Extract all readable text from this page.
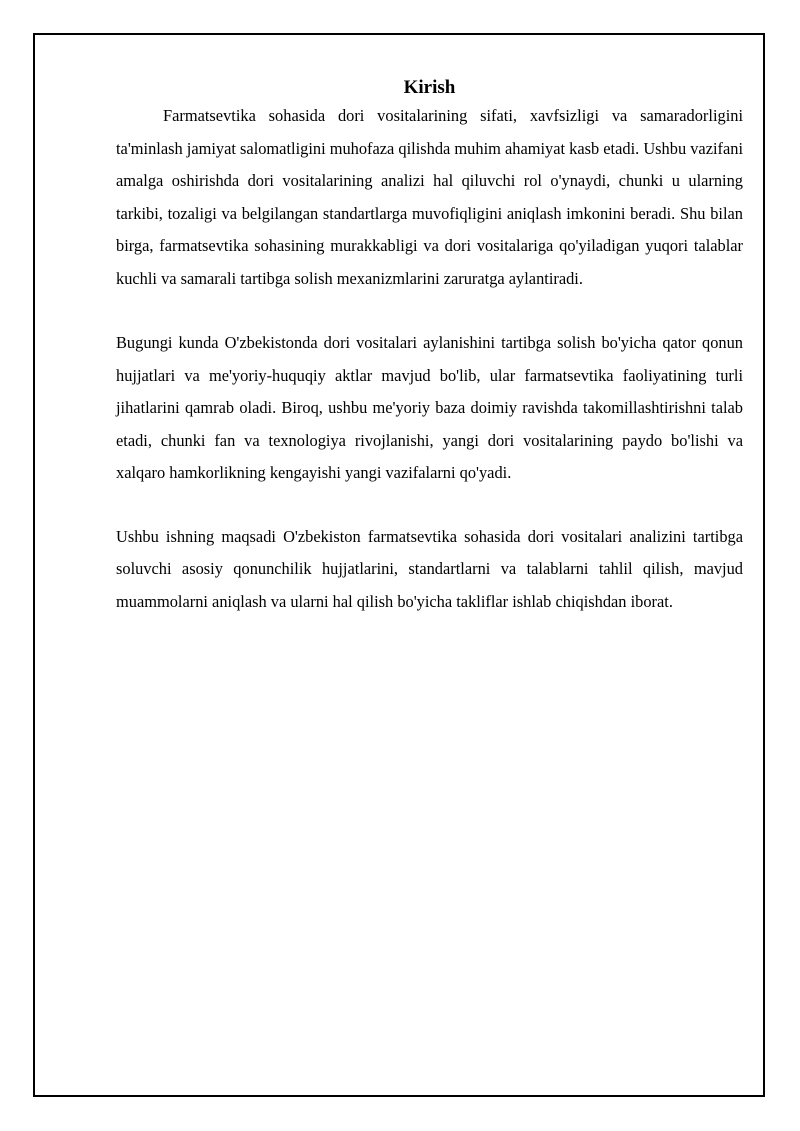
Kirish

Farmatsevtika sohasida dori vositalarining sifati, xavfsizligi va samaradorligini ta'minlash jamiyat salomatligini muhofaza qilishda muhim ahamiyat kasb etadi. Ushbu vazifani amalga oshirishda dori vositalarining analizi hal qiluvchi rol o'ynaydi, chunki u ularning tarkibi, tozaligi va belgilangan standartlarga muvofiqligini aniqlash imkonini beradi. Shu bilan birga, farmatsevtika sohasining murakkabligi va dori vositalariga qo'yiladigan yuqori talablar kuchli va samarali tartibga solish mexanizmlarini zaruratga aylantiradi.

Bugungi kunda O'zbekistonda dori vositalari aylanishini tartibga solish bo'yicha qator qonun hujjatlari va me'yoriy-huquqiy aktlar mavjud bo'lib, ular farmatsevtika faoliyatining turli jihatlarini qamrab oladi. Biroq, ushbu me'yoriy baza doimiy ravishda takomillashtirishni talab etadi, chunki fan va texnologiya rivojlanishi, yangi dori vositalarining paydo bo'lishi va xalqaro hamkorlikning kengayishi yangi vazifalarni qo'yadi.

Ushbu ishning maqsadi O'zbekiston farmatsevtika sohasida dori vositalari analizini tartibga soluvchi asosiy qonunchilik hujjatlarini, standartlarni va talablarni tahlil qilish, mavjud muammolarni aniqlash va ularni hal qilish bo'yicha takliflar ishlab chiqishdan iborat.
